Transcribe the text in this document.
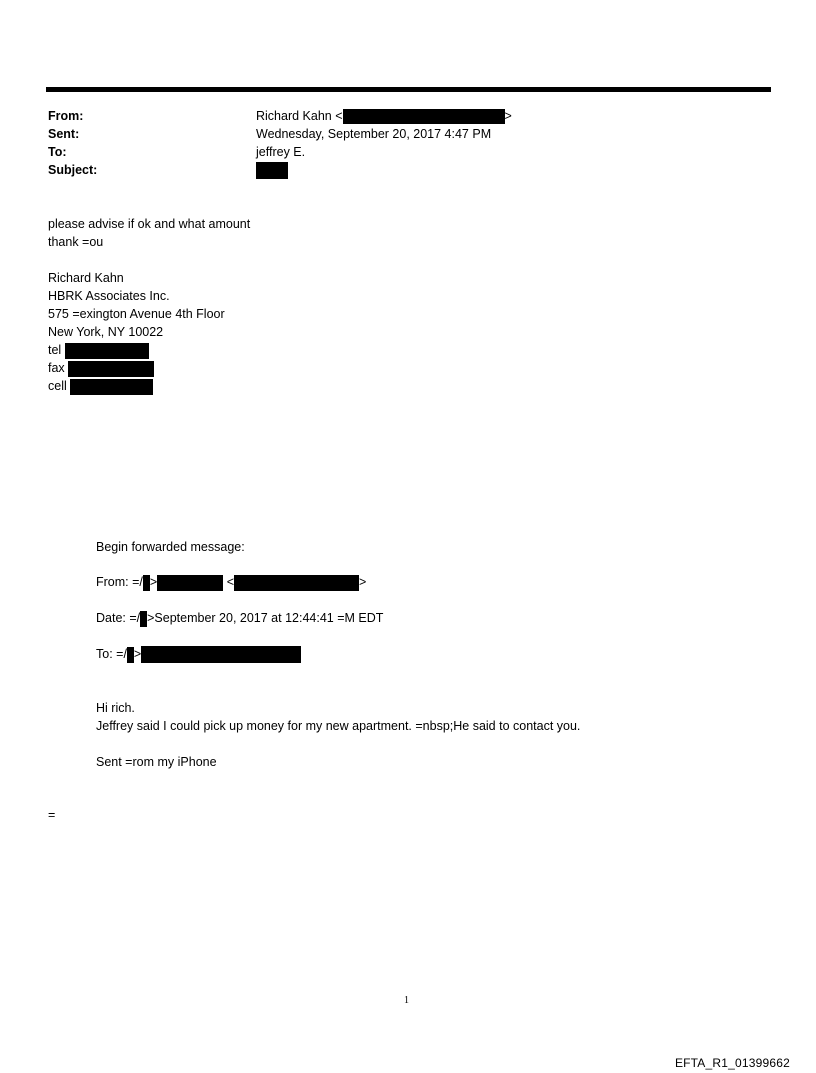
From:	Richard Kahn <	>
Sent:	Wednesday, September 20, 2017 4:47 PM
To:	jeffrey E.
Subject:
please advise if ok and what amount
thank =ou
Richard Kahn
HBRK Associates Inc.
575 =exington Avenue 4th Floor
New York, NY 10022
tel
fax
cell
Begin forwarded message:
From: =/ >	<	>
Date: =/ >September 20, 2017 at 12:44:41 =M EDT
To: =/ >
Hi rich.
Jeffrey said I could pick up money for my new apartment. =nbsp;He said to contact you.
Sent =rom my iPhone
=
1
EFTA_R1_01399662
